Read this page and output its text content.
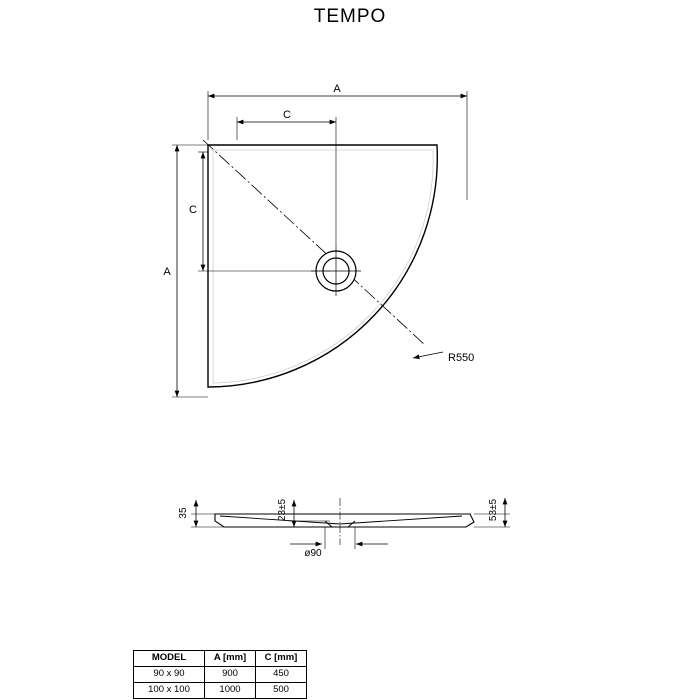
TEMPO
A
C
A
C
R550
35	23±5	53±5
ø90
MODEL	A [mm]	C [mm]
90 x 90	900	450
100 x 100	1000	500
